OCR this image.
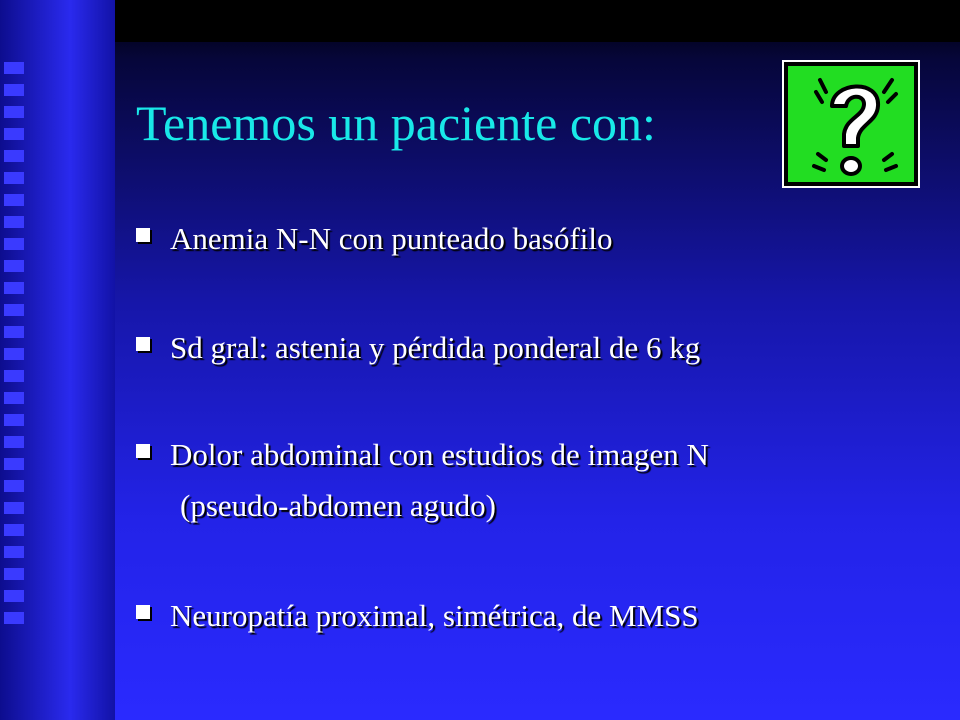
Tenemos un paciente con:
Anemia N-N con punteado basófilo
Sd gral: astenia y pérdida ponderal de 6 kg
Dolor abdominal con estudios de imagen N
(pseudo-abdomen agudo)
Neuropatía proximal, simétrica, de MMSS
